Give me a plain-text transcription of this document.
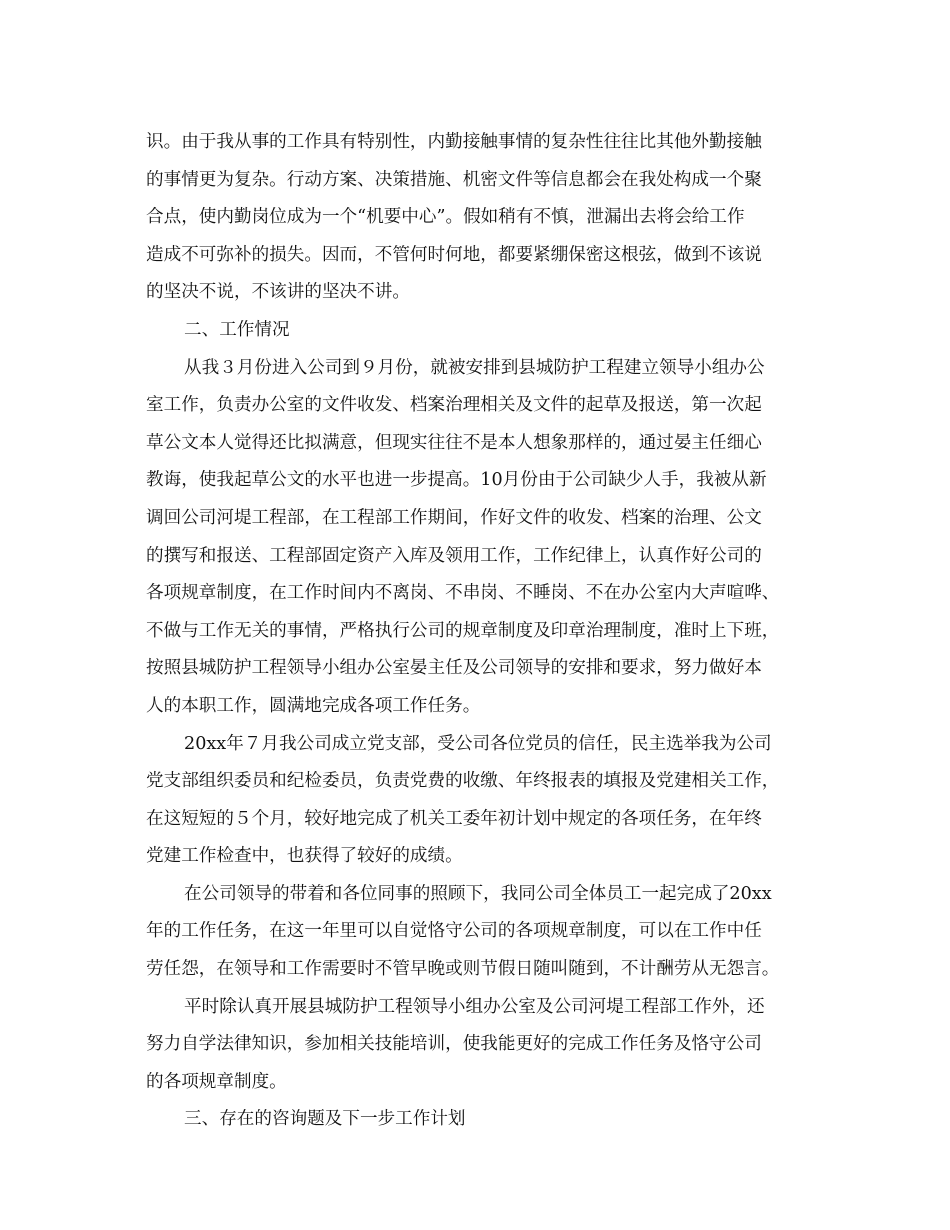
识。由于我从事的工作具有特别性，内勤接触事情的复杂性往往比其他外勤接触
的事情更为复杂。行动方案、决策措施、机密文件等信息都会在我处构成一个聚
合点，使内勤岗位成为一个“机要中心”。假如稍有不慎，泄漏出去将会给工作
造成不可弥补的损失。因而，不管何时何地，都要紧绷保密这根弦，做到不该说
的坚决不说，不该讲的坚决不讲。

二、工作情况

从我３月份进入公司到９月份，就被安排到县城防护工程建立领导小组办公
室工作，负责办公室的文件收发、档案治理相关及文件的起草及报送，第一次起
草公文本人觉得还比拟满意，但现实往往不是本人想象那样的，通过晏主任细心
教诲，使我起草公文的水平也进一步提高。10月份由于公司缺少人手，我被从新
调回公司河堤工程部，在工程部工作期间，作好文件的收发、档案的治理、公文
的撰写和报送、工程部固定资产入库及领用工作，工作纪律上，认真作好公司的
各项规章制度，在工作时间内不离岗、不串岗、不睡岗、不在办公室内大声喧哗、
不做与工作无关的事情，严格执行公司的规章制度及印章治理制度，准时上下班，
按照县城防护工程领导小组办公室晏主任及公司领导的安排和要求，努力做好本
人的本职工作，圆满地完成各项工作任务。

20xx年７月我公司成立党支部，受公司各位党员的信任，民主选举我为公司
党支部组织委员和纪检委员，负责党费的收缴、年终报表的填报及党建相关工作，
在这短短的５个月，较好地完成了机关工委年初计划中规定的各项任务，在年终
党建工作检查中，也获得了较好的成绩。

在公司领导的带着和各位同事的照顾下，我同公司全体员工一起完成了20xx
年的工作任务，在这一年里可以自觉恪守公司的各项规章制度，可以在工作中任
劳任怨，在领导和工作需要时不管早晚或则节假日随叫随到，不计酬劳从无怨言。

平时除认真开展县城防护工程领导小组办公室及公司河堤工程部工作外，还
努力自学法律知识，参加相关技能培训，使我能更好的完成工作任务及恪守公司
的各项规章制度。

三、存在的咨询题及下一步工作计划
